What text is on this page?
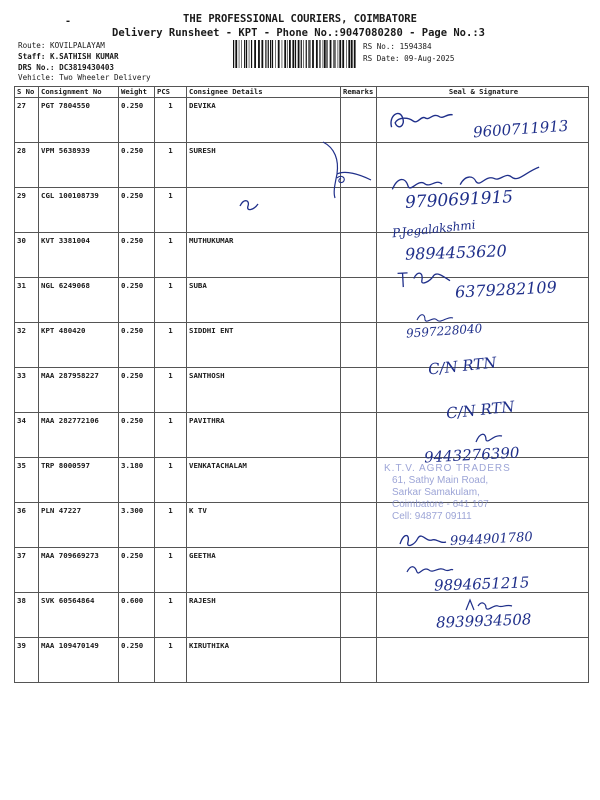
THE PROFESSIONAL COURIERS, COIMBATORE
-
Delivery Runsheet - KPT - Phone No.:9047080280 - Page No.:3
Route: KOVILPALAYAM
Staff: K.SATHISH KUMAR
DRS No.: DC3819430403
Vehicle: Two Wheeler Delivery
RS No.: 1594384
RS Date: 09-Aug-2025
S No	Consignment No	Weight	PCS	Consignee Details	Remarks	Seal & Signature
27	PGT 7804550	0.250	1	DEVIKA		
28	VPM 5638939	0.250	1	SURESH		
29	CGL 100108739	0.250	1			
30	KVT 3381004	0.250	1	MUTHUKUMAR		
31	NGL 6249068	0.250	1	SUBA		
32	KPT 480420	0.250	1	SIDDHI ENT		
33	MAA 287958227	0.250	1	SANTHOSH		
34	MAA 282772106	0.250	1	PAVITHRA		
35	TRP 8000597	3.180	1	VENKATACHALAM		
36	PLN 47227	3.300	1	K TV		
37	MAA 709669273	0.250	1	GEETHA		
38	SVK 60564864	0.600	1	RAJESH		
39	MAA 109470149	0.250	1	KIRUTHIKA		
9600711913
9790691915
P.Jegalakshmi
9894453620
6379282109
9597228040
C/N RTN
C/N RTN
9443276390
K.T.V. AGRO TRADERS
61, Sathy Main Road,
Sarkar Samakulam,
Coimbatore - 641 107
Cell: 94877 09111
9944901780
9894651215
8939934508
